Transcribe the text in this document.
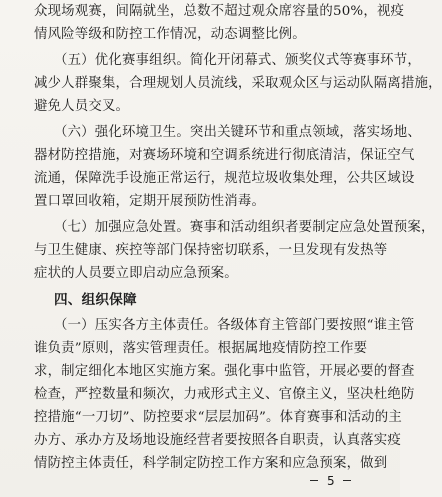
众现场观赛，间隔就坐，总数不超过观众席容量的50%，视疫
情风险等级和防控工作情况，动态调整比例。
（五）优化赛事组织。简化开闭幕式、颁奖仪式等赛事环节，
减少人群聚集，合理规划人员流线，采取观众区与运动队隔离措施，
避免人员交叉。
（六）强化环境卫生。突出关键环节和重点领域，落实场地、
器材防控措施，对赛场环境和空调系统进行彻底清洁，保证空气
流通，保障洗手设施正常运行，规范垃圾收集处理，公共区域设
置口罩回收箱，定期开展预防性消毒。
（七）加强应急处置。赛事和活动组织者要制定应急处置预案，
与卫生健康、疾控等部门保持密切联系，一旦发现有发热等
症状的人员要立即启动应急预案。
四、组织保障
（一）压实各方主体责任。各级体育主管部门要按照“谁主管
谁负责”原则，落实管理责任。根据属地疫情防控工作要
求，制定细化本地区实施方案。强化事中监管，开展必要的督查
检查，严控数量和频次，力戒形式主义、官僚主义，坚决杜绝防
控措施“一刀切”、防控要求“层层加码”。体育赛事和活动的主
办方、承办方及场地设施经营者要按照各自职责，认真落实疫
情防控主体责任，科学制定防控工作方案和应急预案，做到
5
